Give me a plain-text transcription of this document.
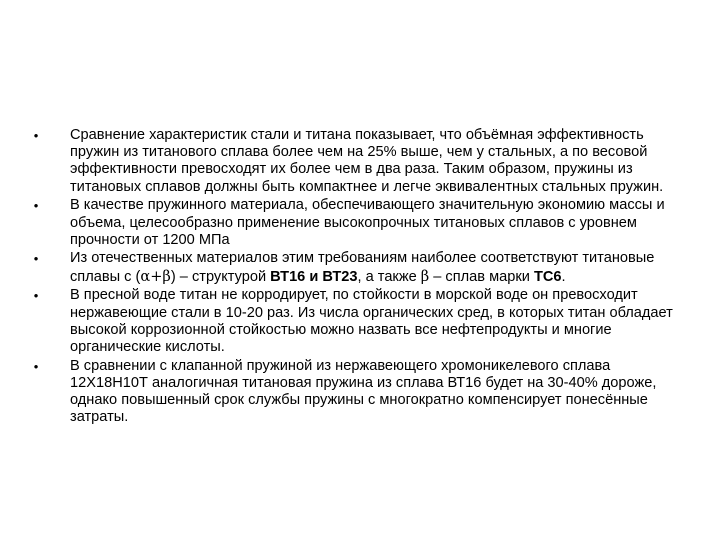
• Сравнение характеристик стали и титана показывает, что объёмная эффективность пружин из титанового сплава более чем на 25% выше, чем у стальных, а по весовой эффективности превосходят их более чем в два раза. Таким образом, пружины из титановых сплавов должны быть компактнее и легче эквивалентных стальных пружин.
• В качестве пружинного материала, обеспечивающего значительную экономию массы и объема, целесообразно применение высокопрочных титановых сплавов с уровнем прочности от 1200 МПа
• Из отечественных материалов этим требованиям наиболее соответствуют титановые сплавы с (α+β) – структурой ВТ16 и ВТ23, а также β – сплав марки ТС6.
• В пресной воде титан не корродирует, по стойкости в морской воде он превосходит нержавеющие стали в 10-20 раз. Из числа органических сред, в которых титан обладает высокой коррозионной стойкостью можно назвать все нефтепродукты и многие органические кислоты.
• В сравнении с клапанной пружиной из нержавеющего хромоникелевого сплава 12Х18Н10Т аналогичная титановая пружина из сплава ВТ16 будет на 30-40% дороже, однако повышенный срок службы пружины с многократно компенсирует понесённые затраты.
